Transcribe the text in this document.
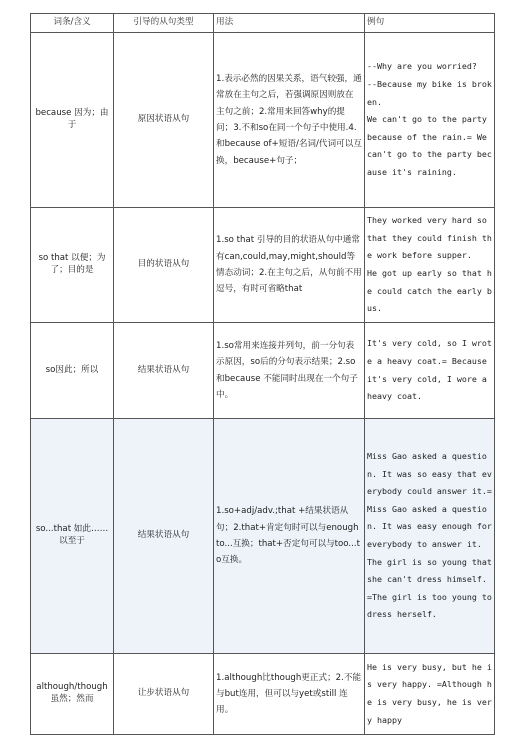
词条/含义	引导的从句类型	用法	例句
because 因为；由于	原因状语从句	1.表示必然的因果关系，语气较强，通常放在主句之后，若强调原因则放在主句之前；2.常用来回答why的提问；3.不和so在同一个句子中使用.4. 和because of+短语/名词/代词可以互换，because+句子；	--Why are you worried?
--Because my bike is broken.
We can't go to the party because of the rain.= We can't go to the party because it's raining.
so that 以便；为了；目的是	目的状语从句	1.so that 引导的目的状语从句中通常有can,could,may,might,should等情态动词；2.在主句之后，从句前不用逗号，有时可省略that	They worked very hard so that they could finish the work before supper.
He got up early so that he could catch the early bus.
so因此；所以	结果状语从句	1.so常用来连接并列句，前一分句表示原因，so后的分句表示结果；2.so 和because 不能同时出现在一个句子中。	It's very cold, so I wrote a heavy coat.= Because it's very cold, I wore a heavy coat.
so...that 如此……以至于	结果状语从句	1.so+adj/adv.;that +结果状语从句；2.that+肯定句时可以与enough to...互换；that+否定句可以与too...to互换。	Miss Gao asked a question. It was so easy that everybody could answer it.= Miss Gao asked a question. It was easy enough for everybody to answer it.
The girl is so young that she can't dress himself.
=The girl is too young to dress herself.
although/though 虽然；然而	让步状语从句	1.although比though更正式；2.不能与but连用，但可以与yet或still 连用。	He is very busy, but he is very happy. =Although he is very busy, he is very happy
